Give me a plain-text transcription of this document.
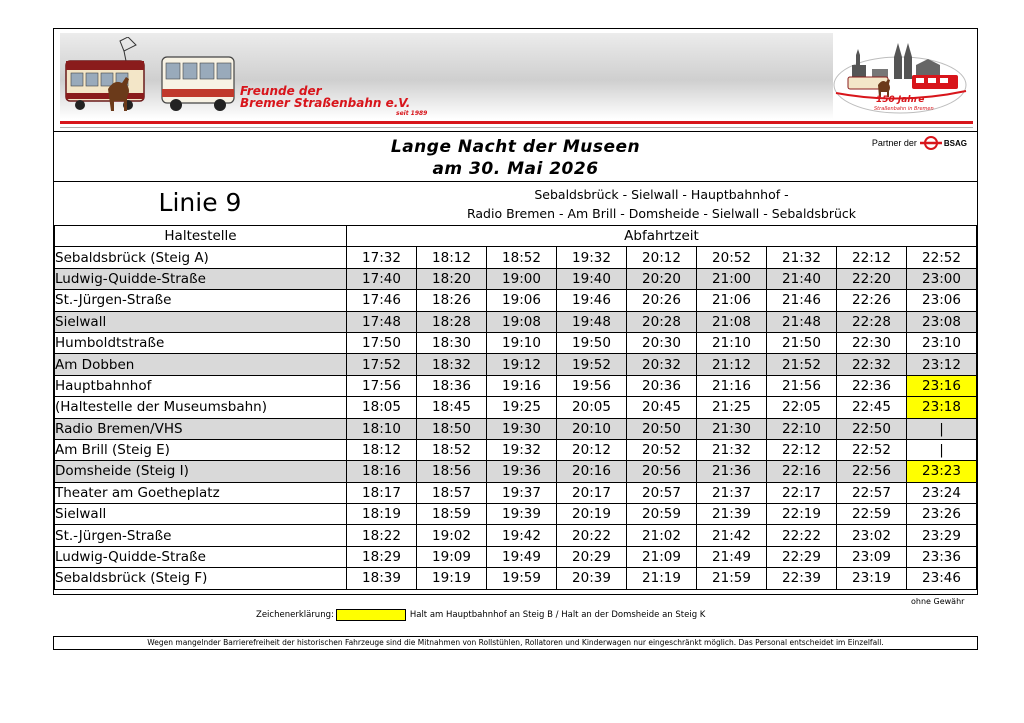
Freunde der
Bremer Straßenbahn e.V.
seit 1989
150 Jahre
Straßenbahn in Bremen
Lange Nacht der Museen
am 30. Mai 2026
Partner der	BSAG
Linie 9	Sebaldsbrück - Sielwall - Hauptbahnhof -
Radio Bremen - Am Brill - Domsheide - Sielwall - Sebaldsbrück
Haltestelle	Abfahrtzeit								
Sebaldsbrück (Steig A)	17:32	18:12	18:52	19:32	20:12	20:52	21:32	22:12	22:52
Ludwig-Quidde-Straße	17:40	18:20	19:00	19:40	20:20	21:00	21:40	22:20	23:00
St.-Jürgen-Straße	17:46	18:26	19:06	19:46	20:26	21:06	21:46	22:26	23:06
Sielwall	17:48	18:28	19:08	19:48	20:28	21:08	21:48	22:28	23:08
Humboldtstraße	17:50	18:30	19:10	19:50	20:30	21:10	21:50	22:30	23:10
Am Dobben	17:52	18:32	19:12	19:52	20:32	21:12	21:52	22:32	23:12
Hauptbahnhof	17:56	18:36	19:16	19:56	20:36	21:16	21:56	22:36	23:16
(Haltestelle der Museumsbahn)	18:05	18:45	19:25	20:05	20:45	21:25	22:05	22:45	23:18
Radio Bremen/VHS	18:10	18:50	19:30	20:10	20:50	21:30	22:10	22:50	|
Am Brill (Steig E)	18:12	18:52	19:32	20:12	20:52	21:32	22:12	22:52	|
Domsheide (Steig I)	18:16	18:56	19:36	20:16	20:56	21:36	22:16	22:56	23:23
Theater am Goetheplatz	18:17	18:57	19:37	20:17	20:57	21:37	22:17	22:57	23:24
Sielwall	18:19	18:59	19:39	20:19	20:59	21:39	22:19	22:59	23:26
St.-Jürgen-Straße	18:22	19:02	19:42	20:22	21:02	21:42	22:22	23:02	23:29
Ludwig-Quidde-Straße	18:29	19:09	19:49	20:29	21:09	21:49	22:29	23:09	23:36
Sebaldsbrück (Steig F)	18:39	19:19	19:59	20:39	21:19	21:59	22:39	23:19	23:46
ohne Gewähr
Zeichenerklärung:	Halt am Hauptbahnhof an Steig B / Halt an der Domsheide an Steig K
Wegen mangelnder Barrierefreiheit der historischen Fahrzeuge sind die Mitnahmen von Rollstühlen, Rollatoren und Kinderwagen nur eingeschränkt möglich. Das Personal entscheidet im Einzelfall.
